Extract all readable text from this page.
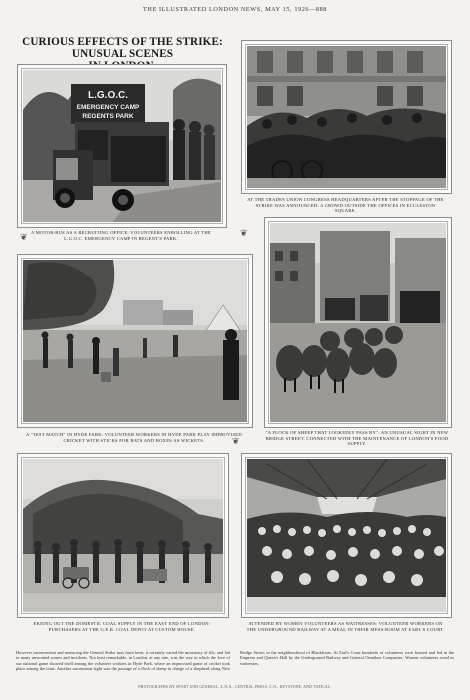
THE ILLUSTRATED LONDON NEWS, MAY 15, 1926—888
CURIOUS EFFECTS OF THE STRIKE: UNUSUAL SCENES
L.G.O.C.
EMERGENCY CAMP
REGENTS PARK
A MOTOR-BUS AS A RECRUITING OFFICE: VOLUNTEERS ENROLLING AT THE L.G.O.C. EMERGENCY CAMP IN REGENT'S PARK.
❦
AT THE TRADES UNION CONGRESS HEADQUARTERS AFTER THE STOPPAGE OF THE STRIKE WAS ANNOUNCED: A CROWD OUTSIDE THE OFFICES IN ECCLESTON SQUARE.
❦
A "TEST MATCH" IN HYDE PARK: VOLUNTEER WORKERS IN HYDE PARK PLAY IMPROVISED CRICKET WITH STICKS FOR BATS AND BOXES AS WICKETS.	❦
"A FLOCK OF SHEEP THAT LOOKEDLY PASS BY": AN UNUSUAL SIGHT IN NEW BRIDGE STREET, CONNECTED WITH THE MAINTENANCE OF LONDON'S FOOD SUPPLY.
EKEING OUT THE DOMESTIC COAL SUPPLY IN THE EAST END OF LONDON: PURCHASERS AT THE G.E.R. COAL DEPOT AT CUSTOM HOUSE.
ATTENDED BY WOMEN VOLUNTEERS AS WAITRESSES: VOLUNTEER WORKERS ON THE UNDERGROUND RAILWAY AT A MEAL IN THEIR MESS-ROOM AT EARL'S COURT.
However inconvenient and menacing the General Strike may have been, it certainly varied the monotony of life, and led to many unwonted scenes and incidents. Not least remarkable, in London, at any rate, was the way in which the love of our national game showed itself among the volunteer workers in Hyde Park, where an improvised game of cricket took place among the tents. Another uncommon sight was the passage of a flock of sheep in charge of a shepherd along New Bridge Street, in the neighbourhood of Blackfriars. At Earl's Court hundreds of volunteers were housed and fed in the Empress and Queen's Hall by the Underground Railway and General Omnibus Companies. Women volunteers acted as waitresses.
PHOTOGRAPHS BY SPORT AND GENERAL, L.N.A., CENTRAL PRESS, C.N., KEYSTONE, AND TOPICAL.
